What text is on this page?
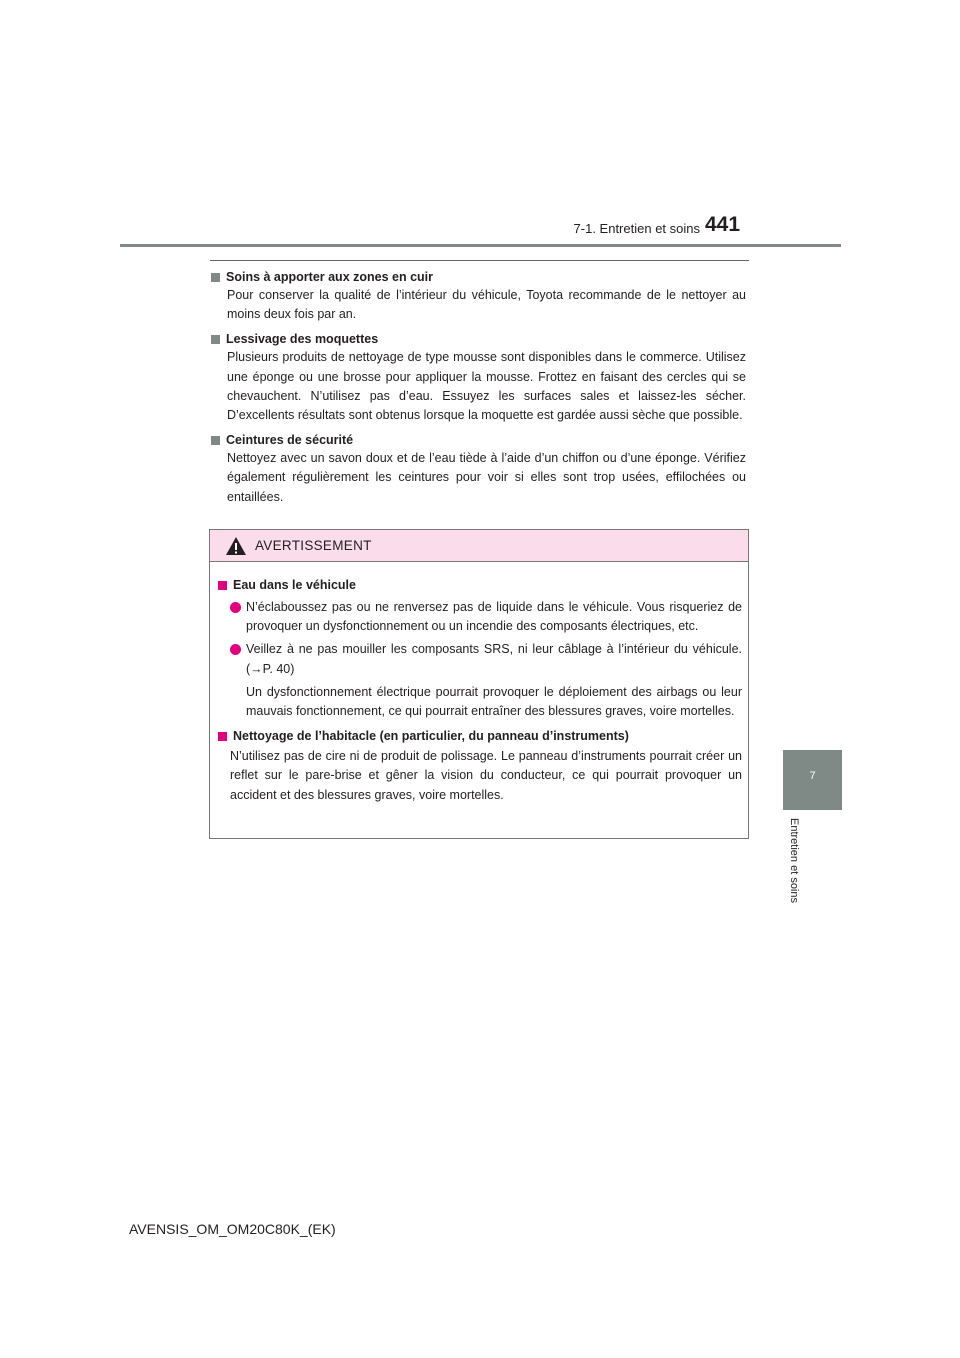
7-1. Entretien et soins 441
7
Entretien et soins
Soins à apporter aux zones en cuir
Pour conserver la qualité de l’intérieur du véhicule, Toyota recommande de le nettoyer au moins deux fois par an.
Lessivage des moquettes
Plusieurs produits de nettoyage de type mousse sont disponibles dans le commerce. Utilisez une éponge ou une brosse pour appliquer la mousse. Frottez en faisant des cercles qui se chevauchent. N’utilisez pas d’eau. Essuyez les surfaces sales et laissez-les sécher. D’excellents résultats sont obtenus lorsque la moquette est gardée aussi sèche que possible.
Ceintures de sécurité
Nettoyez avec un savon doux et de l’eau tiède à l’aide d’un chiffon ou d’une éponge. Vérifiez également régulièrement les ceintures pour voir si elles sont trop usées, effilochées ou entaillées.
AVERTISSEMENT
Eau dans le véhicule
N’éclaboussez pas ou ne renversez pas de liquide dans le véhicule. Vous risqueriez de provoquer un dysfonctionnement ou un incendie des composants électriques, etc.
Veillez à ne pas mouiller les composants SRS, ni leur câblage à l’intérieur du véhicule. (→P. 40)
Un dysfonctionnement électrique pourrait provoquer le déploiement des airbags ou leur mauvais fonctionnement, ce qui pourrait entraîner des blessures graves, voire mortelles.
Nettoyage de l’habitacle (en particulier, du panneau d’instruments)
N’utilisez pas de cire ni de produit de polissage. Le panneau d’instruments pourrait créer un reflet sur le pare-brise et gêner la vision du conducteur, ce qui pourrait provoquer un accident et des blessures graves, voire mortelles.
AVENSIS_OM_OM20C80K_(EK)
